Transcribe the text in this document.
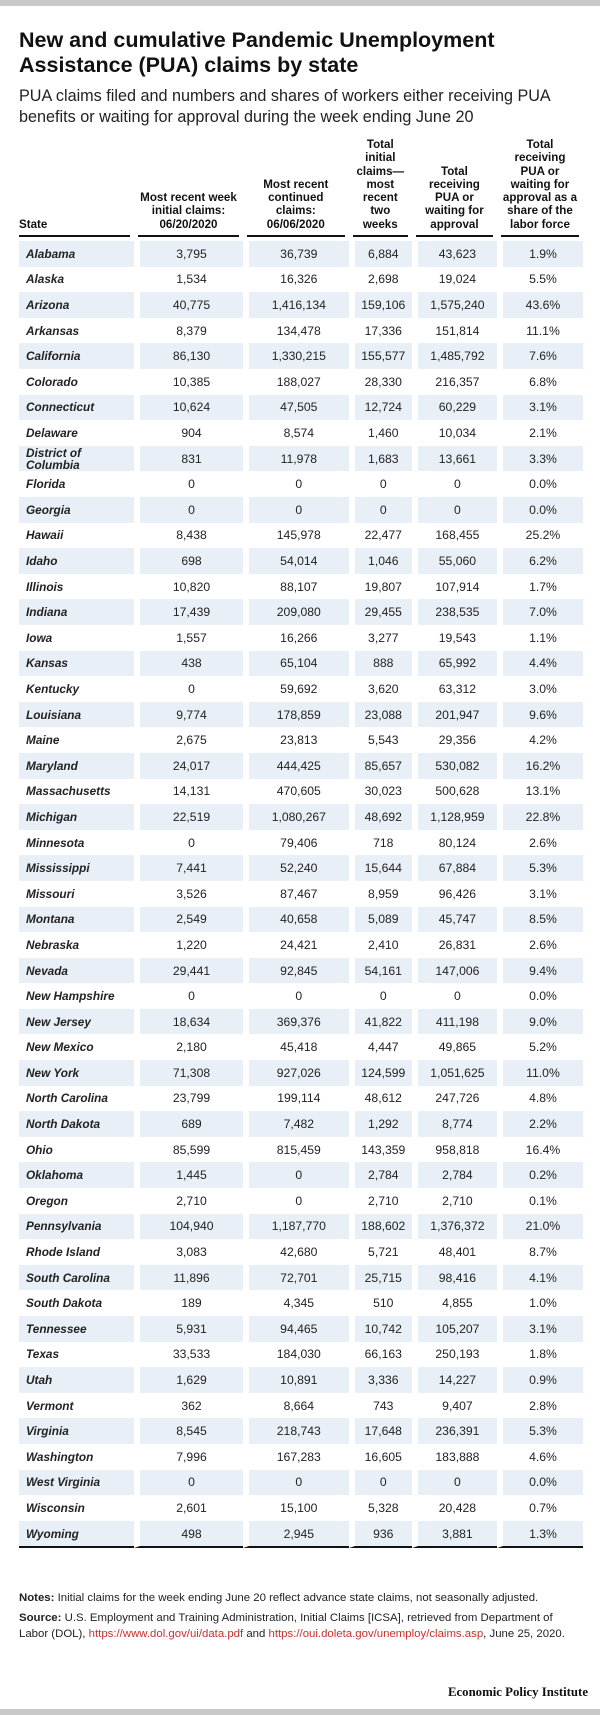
New and cumulative Pandemic Unemployment Assistance (PUA) claims by state

PUA claims filed and numbers and shares of workers either receiving PUA benefits or waiting for approval during the week ending June 20

State	Most recent week initial claims: 06/20/2020	Most recent continued claims: 06/06/2020	Total initial claims— most recent two weeks	Total receiving PUA or waiting for approval	Total receiving PUA or waiting for approval as a share of the labor force

Alabama	3,795	36,739	6,884	43,623	1.9%
Alaska	1,534	16,326	2,698	19,024	5.5%
Arizona	40,775	1,416,134	159,106	1,575,240	43.6%
Arkansas	8,379	134,478	17,336	151,814	11.1%
California	86,130	1,330,215	155,577	1,485,792	7.6%
Colorado	10,385	188,027	28,330	216,357	6.8%
Connecticut	10,624	47,505	12,724	60,229	3.1%
Delaware	904	8,574	1,460	10,034	2.1%
District of Columbia	831	11,978	1,683	13,661	3.3%
Florida	0	0	0	0	0.0%
Georgia	0	0	0	0	0.0%
Hawaii	8,438	145,978	22,477	168,455	25.2%
Idaho	698	54,014	1,046	55,060	6.2%
Illinois	10,820	88,107	19,807	107,914	1.7%
Indiana	17,439	209,080	29,455	238,535	7.0%
Iowa	1,557	16,266	3,277	19,543	1.1%
Kansas	438	65,104	888	65,992	4.4%
Kentucky	0	59,692	3,620	63,312	3.0%
Louisiana	9,774	178,859	23,088	201,947	9.6%
Maine	2,675	23,813	5,543	29,356	4.2%
Maryland	24,017	444,425	85,657	530,082	16.2%
Massachusetts	14,131	470,605	30,023	500,628	13.1%
Michigan	22,519	1,080,267	48,692	1,128,959	22.8%
Minnesota	0	79,406	718	80,124	2.6%
Mississippi	7,441	52,240	15,644	67,884	5.3%
Missouri	3,526	87,467	8,959	96,426	3.1%
Montana	2,549	40,658	5,089	45,747	8.5%
Nebraska	1,220	24,421	2,410	26,831	2.6%
Nevada	29,441	92,845	54,161	147,006	9.4%
New Hampshire	0	0	0	0	0.0%
New Jersey	18,634	369,376	41,822	411,198	9.0%
New Mexico	2,180	45,418	4,447	49,865	5.2%
New York	71,308	927,026	124,599	1,051,625	11.0%
North Carolina	23,799	199,114	48,612	247,726	4.8%
North Dakota	689	7,482	1,292	8,774	2.2%
Ohio	85,599	815,459	143,359	958,818	16.4%
Oklahoma	1,445	0	2,784	2,784	0.2%
Oregon	2,710	0	2,710	2,710	0.1%
Pennsylvania	104,940	1,187,770	188,602	1,376,372	21.0%
Rhode Island	3,083	42,680	5,721	48,401	8.7%
South Carolina	11,896	72,701	25,715	98,416	4.1%
South Dakota	189	4,345	510	4,855	1.0%
Tennessee	5,931	94,465	10,742	105,207	3.1%
Texas	33,533	184,030	66,163	250,193	1.8%
Utah	1,629	10,891	3,336	14,227	0.9%
Vermont	362	8,664	743	9,407	2.8%
Virginia	8,545	218,743	17,648	236,391	5.3%
Washington	7,996	167,283	16,605	183,888	4.6%
West Virginia	0	0	0	0	0.0%
Wisconsin	2,601	15,100	5,328	20,428	0.7%
Wyoming	498	2,945	936	3,881	1.3%

Notes: Initial claims for the week ending June 20 reflect advance state claims, not seasonally adjusted.

Source: U.S. Employment and Training Administration, Initial Claims [ICSA], retrieved from Department of Labor (DOL), https://www.dol.gov/ui/data.pdf and https://oui.doleta.gov/unemploy/claims.asp, June 25, 2020.

Economic Policy Institute
